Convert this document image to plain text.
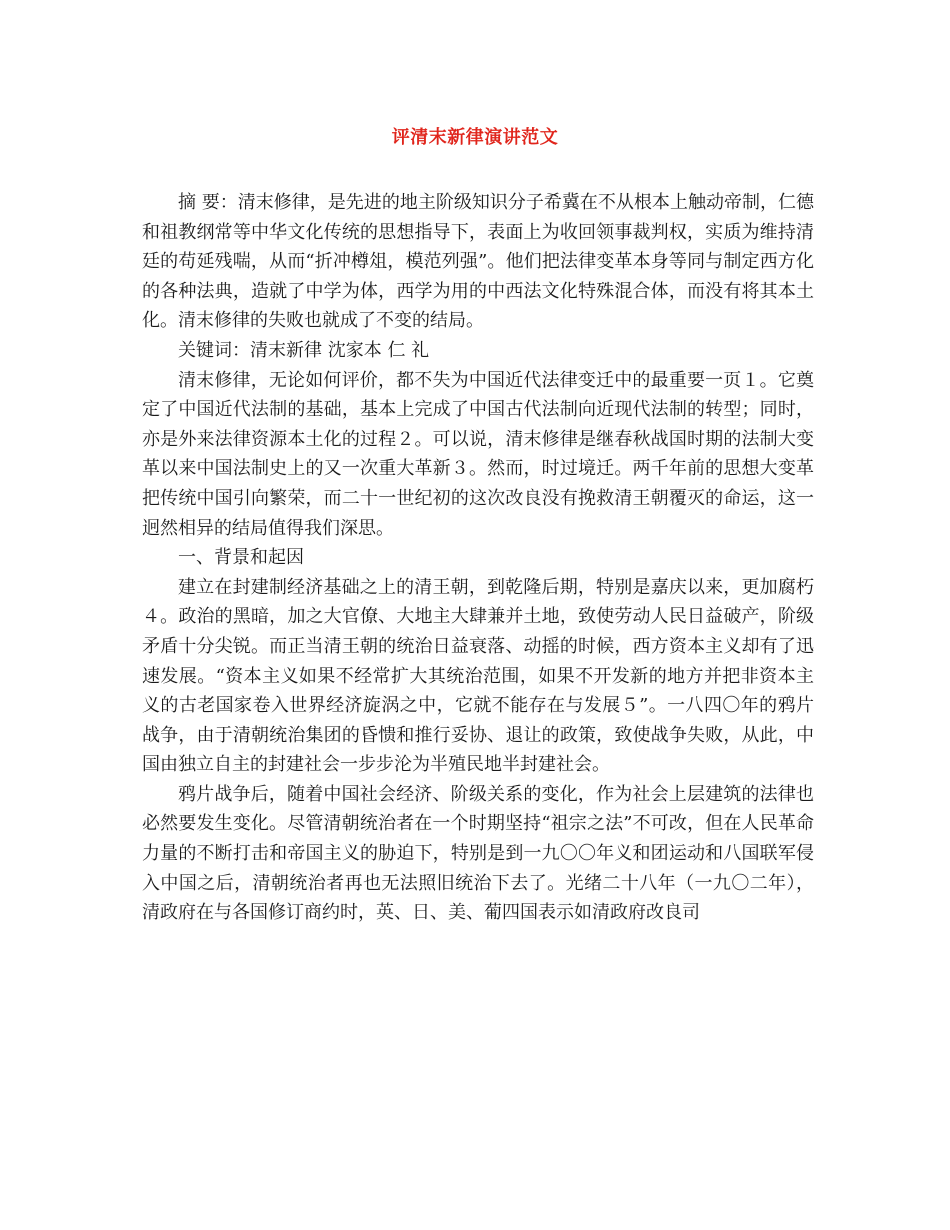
评清末新律演讲范文

摘 要：清末修律，是先进的地主阶级知识分子希冀在不从根本上触动帝制，仁德和祖教纲常等中华文化传统的思想指导下，表面上为收回领事裁判权，实质为维持清廷的苟延残喘，从而“折冲樽俎，模范列强”。他们把法律变革本身等同与制定西方化的各种法典，造就了中学为体，西学为用的中西法文化特殊混合体，而没有将其本土化。清末修律的失败也就成了不变的结局。

关键词：清末新律 沈家本 仁 礼

清末修律，无论如何评价，都不失为中国近代法律变迁中的最重要一页１。它奠定了中国近代法制的基础，基本上完成了中国古代法制向近现代法制的转型；同时，亦是外来法律资源本土化的过程２。可以说，清末修律是继春秋战国时期的法制大变革以来中国法制史上的又一次重大革新３。然而，时过境迁。两千年前的思想大变革把传统中国引向繁荣，而二十一世纪初的这次改良没有挽救清王朝覆灭的命运，这一迥然相异的结局值得我们深思。

一、背景和起因

建立在封建制经济基础之上的清王朝，到乾隆后期，特别是嘉庆以来，更加腐朽４。政治的黑暗，加之大官僚、大地主大肆兼并土地，致使劳动人民日益破产，阶级矛盾十分尖锐。而正当清王朝的统治日益衰落、动摇的时候，西方资本主义却有了迅速发展。“资本主义如果不经常扩大其统治范围，如果不开发新的地方并把非资本主义的古老国家卷入世界经济旋涡之中，它就不能存在与发展５”。一八四〇年的鸦片战争，由于清朝统治集团的昏愦和推行妥协、退让的政策，致使战争失败，从此，中国由独立自主的封建社会一步步沦为半殖民地半封建社会。

鸦片战争后，随着中国社会经济、阶级关系的变化，作为社会上层建筑的法律也必然要发生变化。尽管清朝统治者在一个时期坚持“祖宗之法”不可改，但在人民革命力量的不断打击和帝国主义的胁迫下，特别是到一九〇〇年义和团运动和八国联军侵入中国之后，清朝统治者再也无法照旧统治下去了。光绪二十八年（一九〇二年），清政府在与各国修订商约时，英、日、美、葡四国表示如清政府改良司
